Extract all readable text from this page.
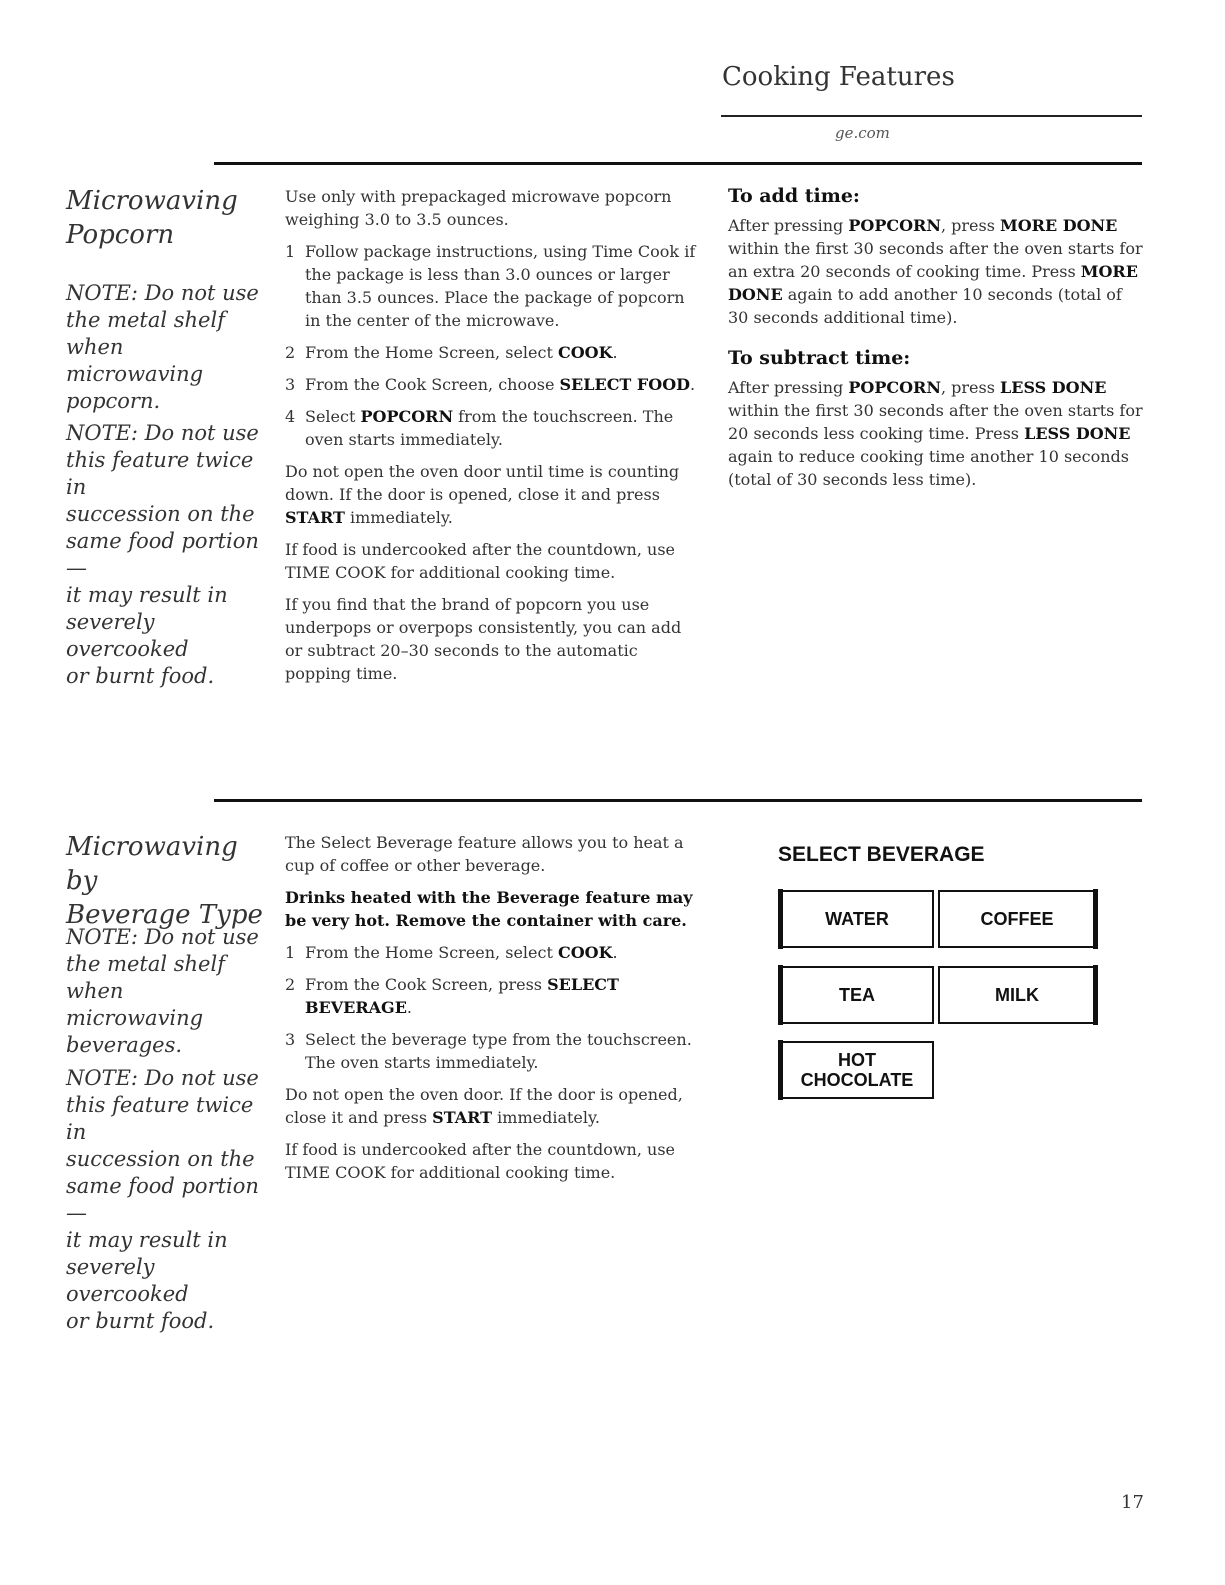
Cooking Features
ge.com
Microwaving
Popcorn
NOTE: Do not use
the metal shelf
when microwaving
popcorn.
NOTE: Do not use
this feature twice in
succession on the
same food portion—
it may result in
severely overcooked
or burnt food.

Use only with prepackaged microwave popcorn weighing 3.0 to 3.5 ounces.

1 Follow package instructions, using Time Cook if the package is less than 3.0 ounces or larger than 3.5 ounces. Place the package of popcorn in the center of the microwave.
2 From the Home Screen, select COOK.
3 From the Cook Screen, choose SELECT FOOD.
4 Select POPCORN from the touchscreen. The oven starts immediately.

Do not open the oven door until time is counting down. If the door is opened, close it and press START immediately.

If food is undercooked after the countdown, use TIME COOK for additional cooking time.

If you find that the brand of popcorn you use underpops or overpops consistently, you can add or subtract 20–30 seconds to the automatic popping time.

To add time:

After pressing POPCORN, press MORE DONE within the first 30 seconds after the oven starts for an extra 20 seconds of cooking time. Press MORE DONE again to add another 10 seconds (total of 30 seconds additional time).

To subtract time:

After pressing POPCORN, press LESS DONE within the first 30 seconds after the oven starts for 20 seconds less cooking time. Press LESS DONE again to reduce cooking time another 10 seconds (total of 30 seconds less time).

Microwaving by
Beverage Type
NOTE: Do not use
the metal shelf
when microwaving
beverages.
NOTE: Do not use
this feature twice in
succession on the
same food portion—
it may result in
severely overcooked
or burnt food.

The Select Beverage feature allows you to heat a cup of coffee or other beverage.

Drinks heated with the Beverage feature may be very hot. Remove the container with care.

1 From the Home Screen, select COOK.
2 From the Cook Screen, press SELECT BEVERAGE.
3 Select the beverage type from the touchscreen. The oven starts immediately.

Do not open the oven door. If the door is opened, close it and press START immediately.

If food is undercooked after the countdown, use TIME COOK for additional cooking time.

SELECT BEVERAGE
WATER	COFFEE
TEA	MILK
HOT
CHOCOLATE
17
